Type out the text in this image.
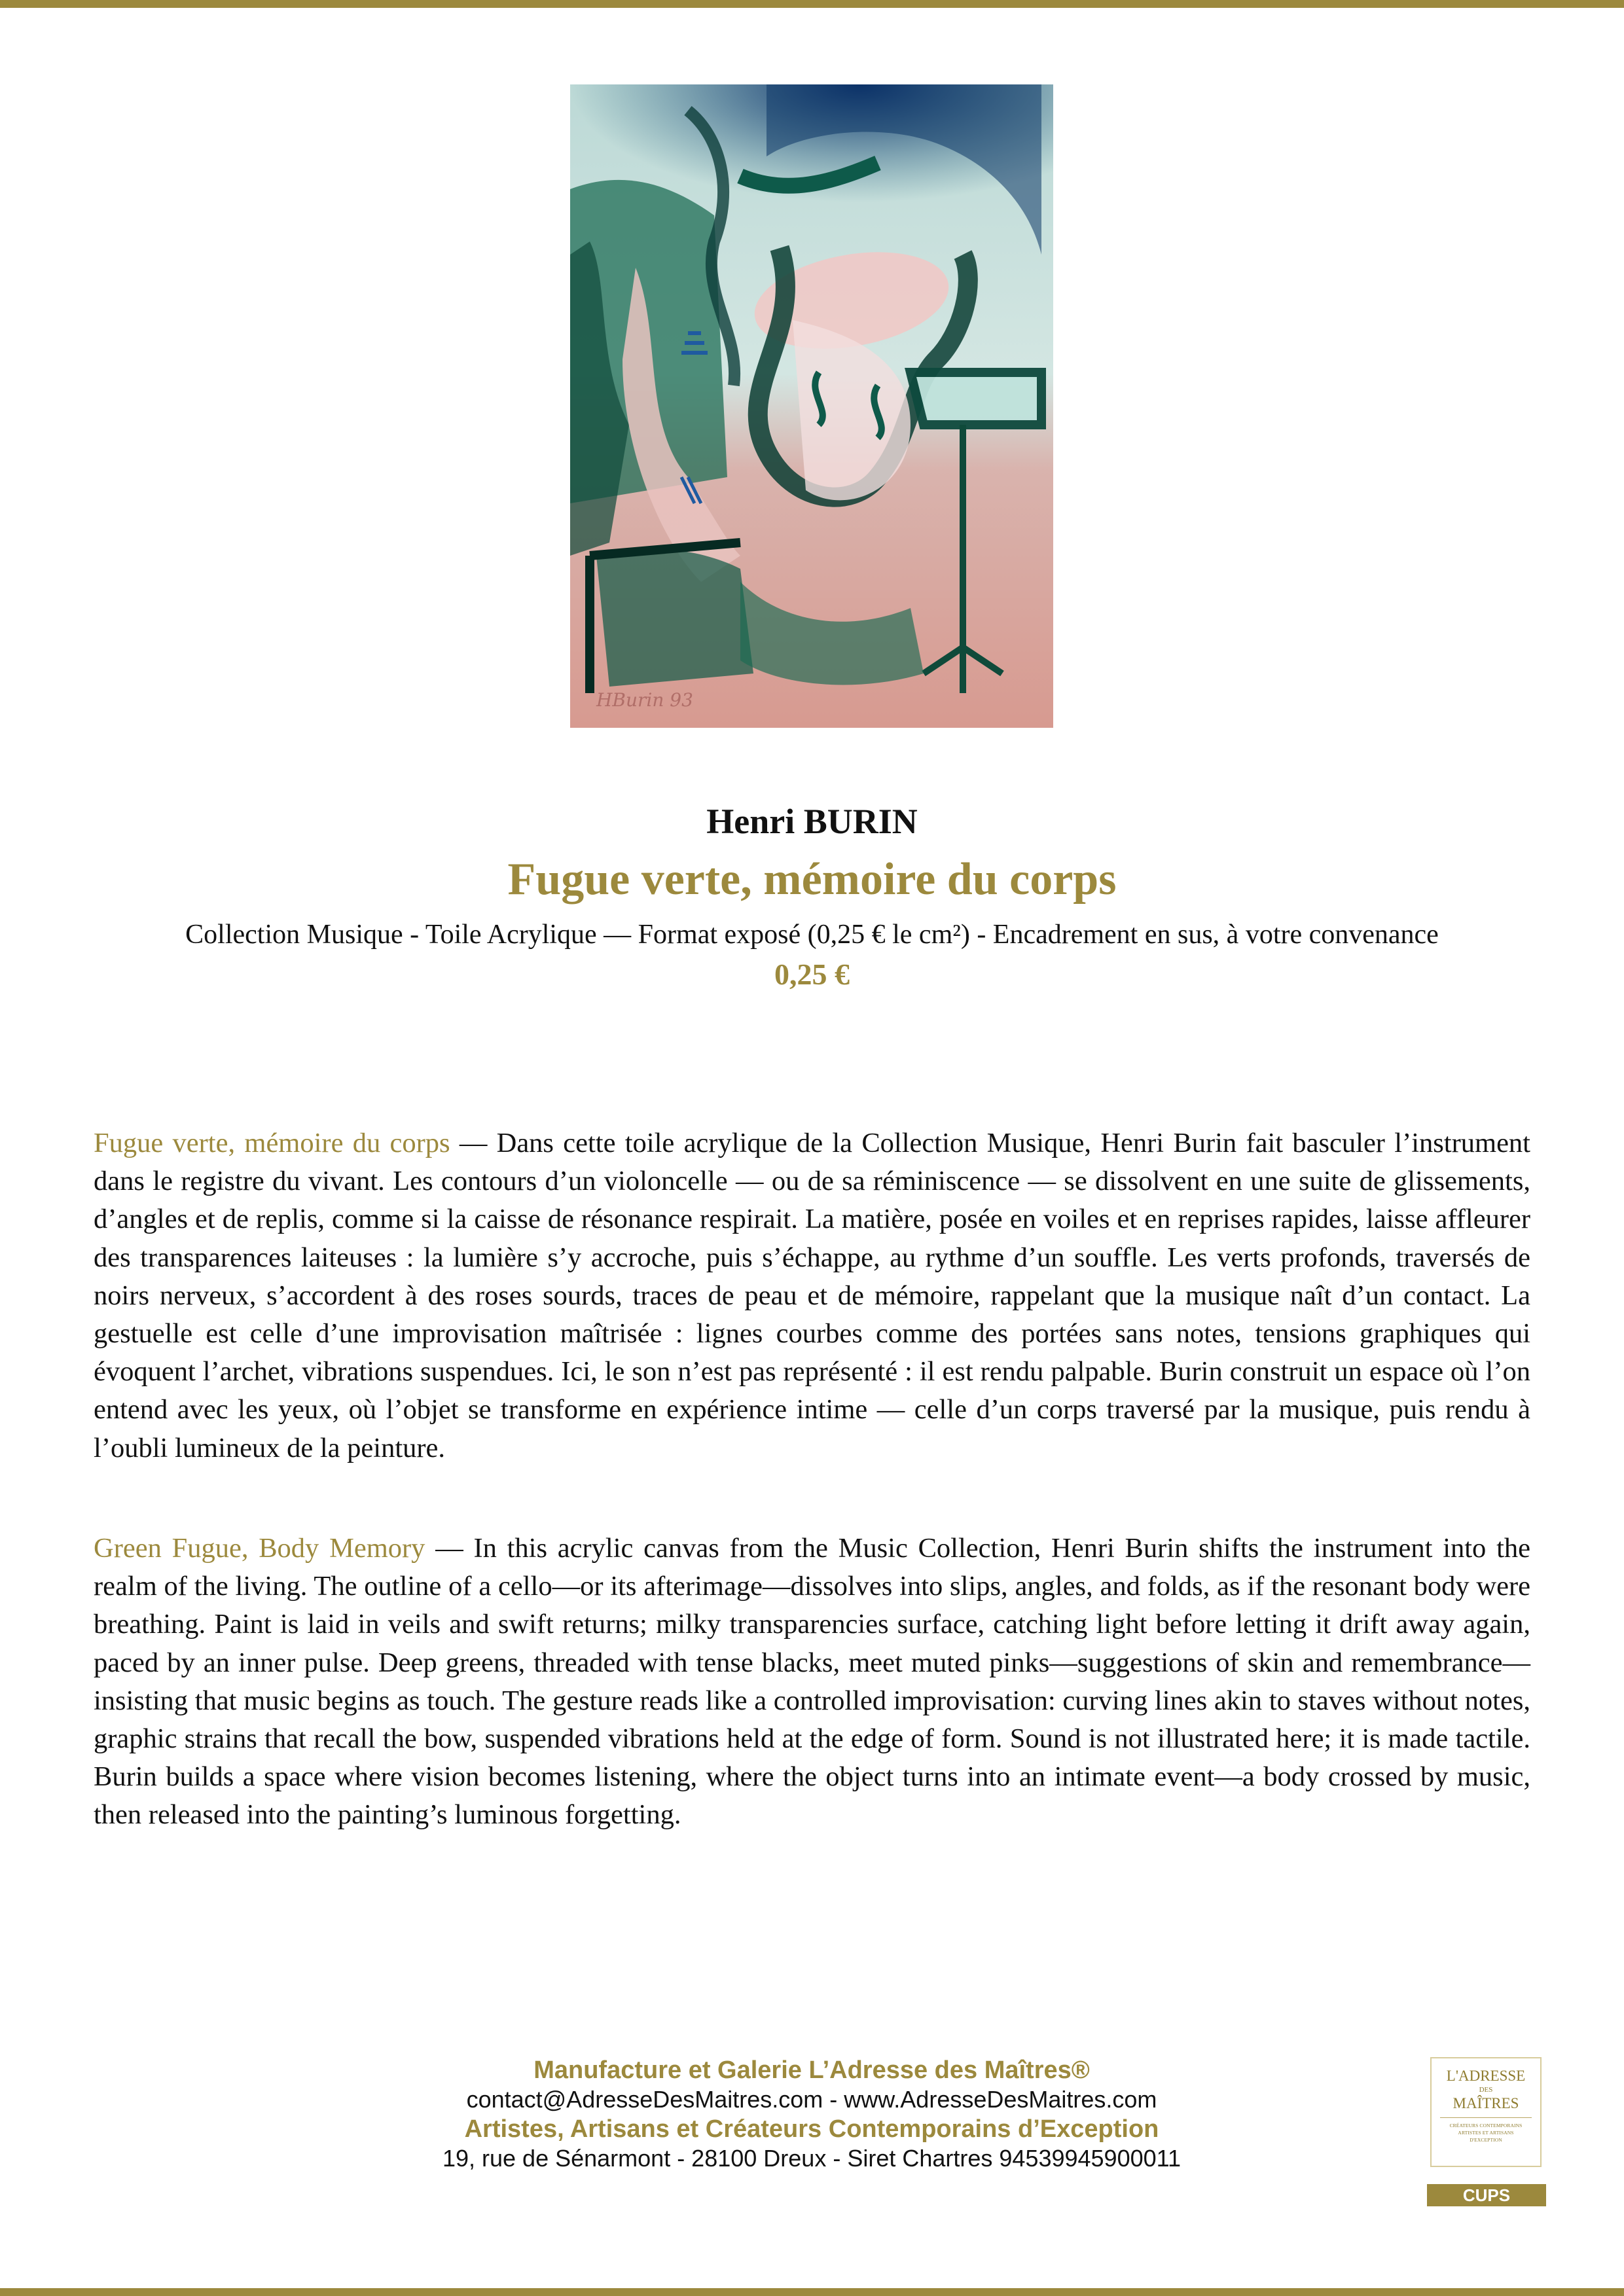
HBurin 93

Henri BURIN

Fugue verte, mémoire du corps

Collection Musique - Toile Acrylique — Format exposé (0,25 € le cm²) - Encadrement en sus, à votre convenance

0,25 €

Fugue verte, mémoire du corps — Dans cette toile acrylique de la Collection Musique, Henri Burin fait basculer l’instrument dans le registre du vivant. Les contours d’un violoncelle — ou de sa réminiscence — se dissolvent en une suite de glissements, d’angles et de replis, comme si la caisse de résonance respirait. La matière, posée en voiles et en reprises rapides, laisse affleurer des transparences laiteuses : la lumière s’y accroche, puis s’échappe, au rythme d’un souffle. Les verts profonds, traversés de noirs nerveux, s’accordent à des roses sourds, traces de peau et de mémoire, rappelant que la musique naît d’un contact. La gestuelle est celle d’une improvisation maîtrisée : lignes courbes comme des portées sans notes, tensions graphiques qui évoquent l’archet, vibrations suspendues. Ici, le son n’est pas représenté : il est rendu palpable. Burin construit un espace où l’on entend avec les yeux, où l’objet se transforme en expérience intime — celle d’un corps traversé par la musique, puis rendu à l’oubli lumineux de la peinture.

Green Fugue, Body Memory — In this acrylic canvas from the Music Collection, Henri Burin shifts the instrument into the realm of the living. The outline of a cello—or its afterimage—dissolves into slips, angles, and folds, as if the resonant body were breathing. Paint is laid in veils and swift returns; milky transparencies surface, catching light before letting it drift away again, paced by an inner pulse. Deep greens, threaded with tense blacks, meet muted pinks—suggestions of skin and remembrance—insisting that music begins as touch. The gesture reads like a controlled improvisation: curving lines akin to staves without notes, graphic strains that recall the bow, suspended vibrations held at the edge of form. Sound is not illustrated here; it is made tactile. Burin builds a space where vision becomes listening, where the object turns into an intimate event—a body crossed by music, then released into the painting’s luminous forgetting.

Manufacture et Galerie L’Adresse des Maîtres®
contact@AdresseDesMaitres.com - www.AdresseDesMaitres.com
Artistes, Artisans et Créateurs Contemporains d’Exception
19, rue de Sénarmont - 28100 Dreux - Siret Chartres 94539945900011
L'ADRESSE
DES
MAÎTRES
CRÉATEURS CONTEMPORAINS
ARTISTES ET ARTISANS
D'EXCEPTION
CUPS
